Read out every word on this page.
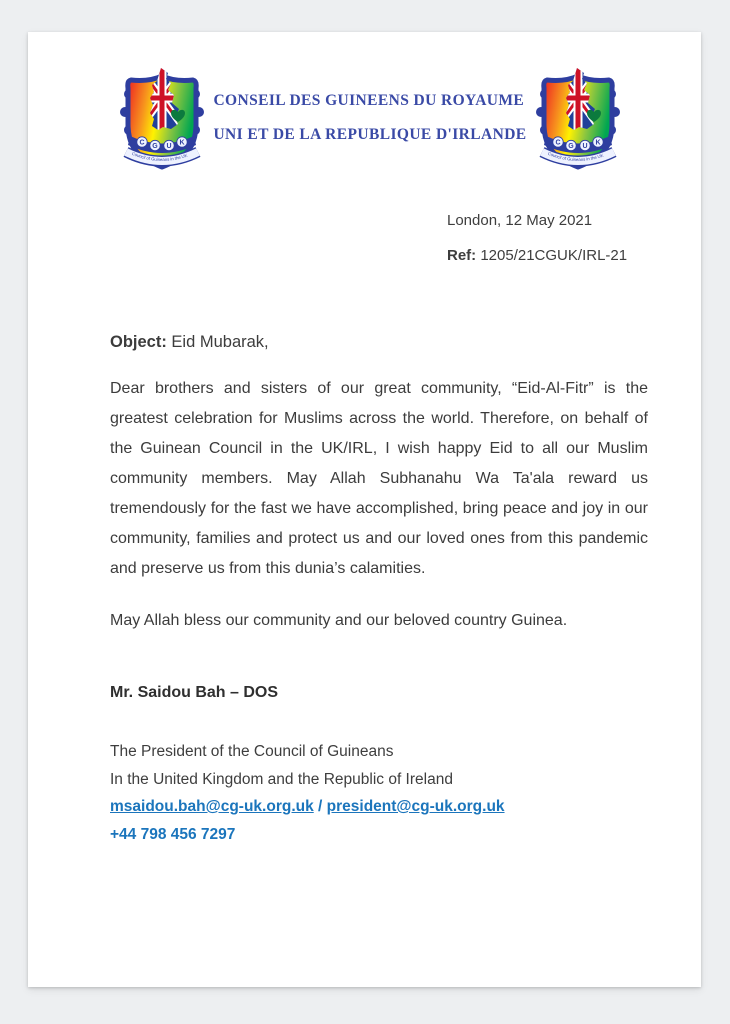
C G U K
Council of Guineans in the UK
CONSEIL DES GUINEENS DU ROYAUME
UNI ET DE LA REPUBLIQUE D'IRLANDE
C G U K
Council of Guineans in the UK
London, 12 May 2021
Ref: 1205/21CGUK/IRL-21
Object: Eid Mubarak,

Dear brothers and sisters of our great community, “Eid-Al-Fitr” is the greatest celebration for Muslims across the world. Therefore, on behalf of the Guinean Council in the UK/IRL, I wish happy Eid to all our Muslim community members. May Allah Subhanahu Wa Ta'ala reward us tremendously for the fast we have accomplished, bring peace and joy in our community, families and protect us and our loved ones from this pandemic and preserve us from this dunia’s calamities.

May Allah bless our community and our beloved country Guinea.

Mr. Saidou Bah – DOS
The President of the Council of Guineans
In the United Kingdom and the Republic of Ireland
msaidou.bah@cg-uk.org.uk / president@cg-uk.org.uk
+44 798 456 7297
